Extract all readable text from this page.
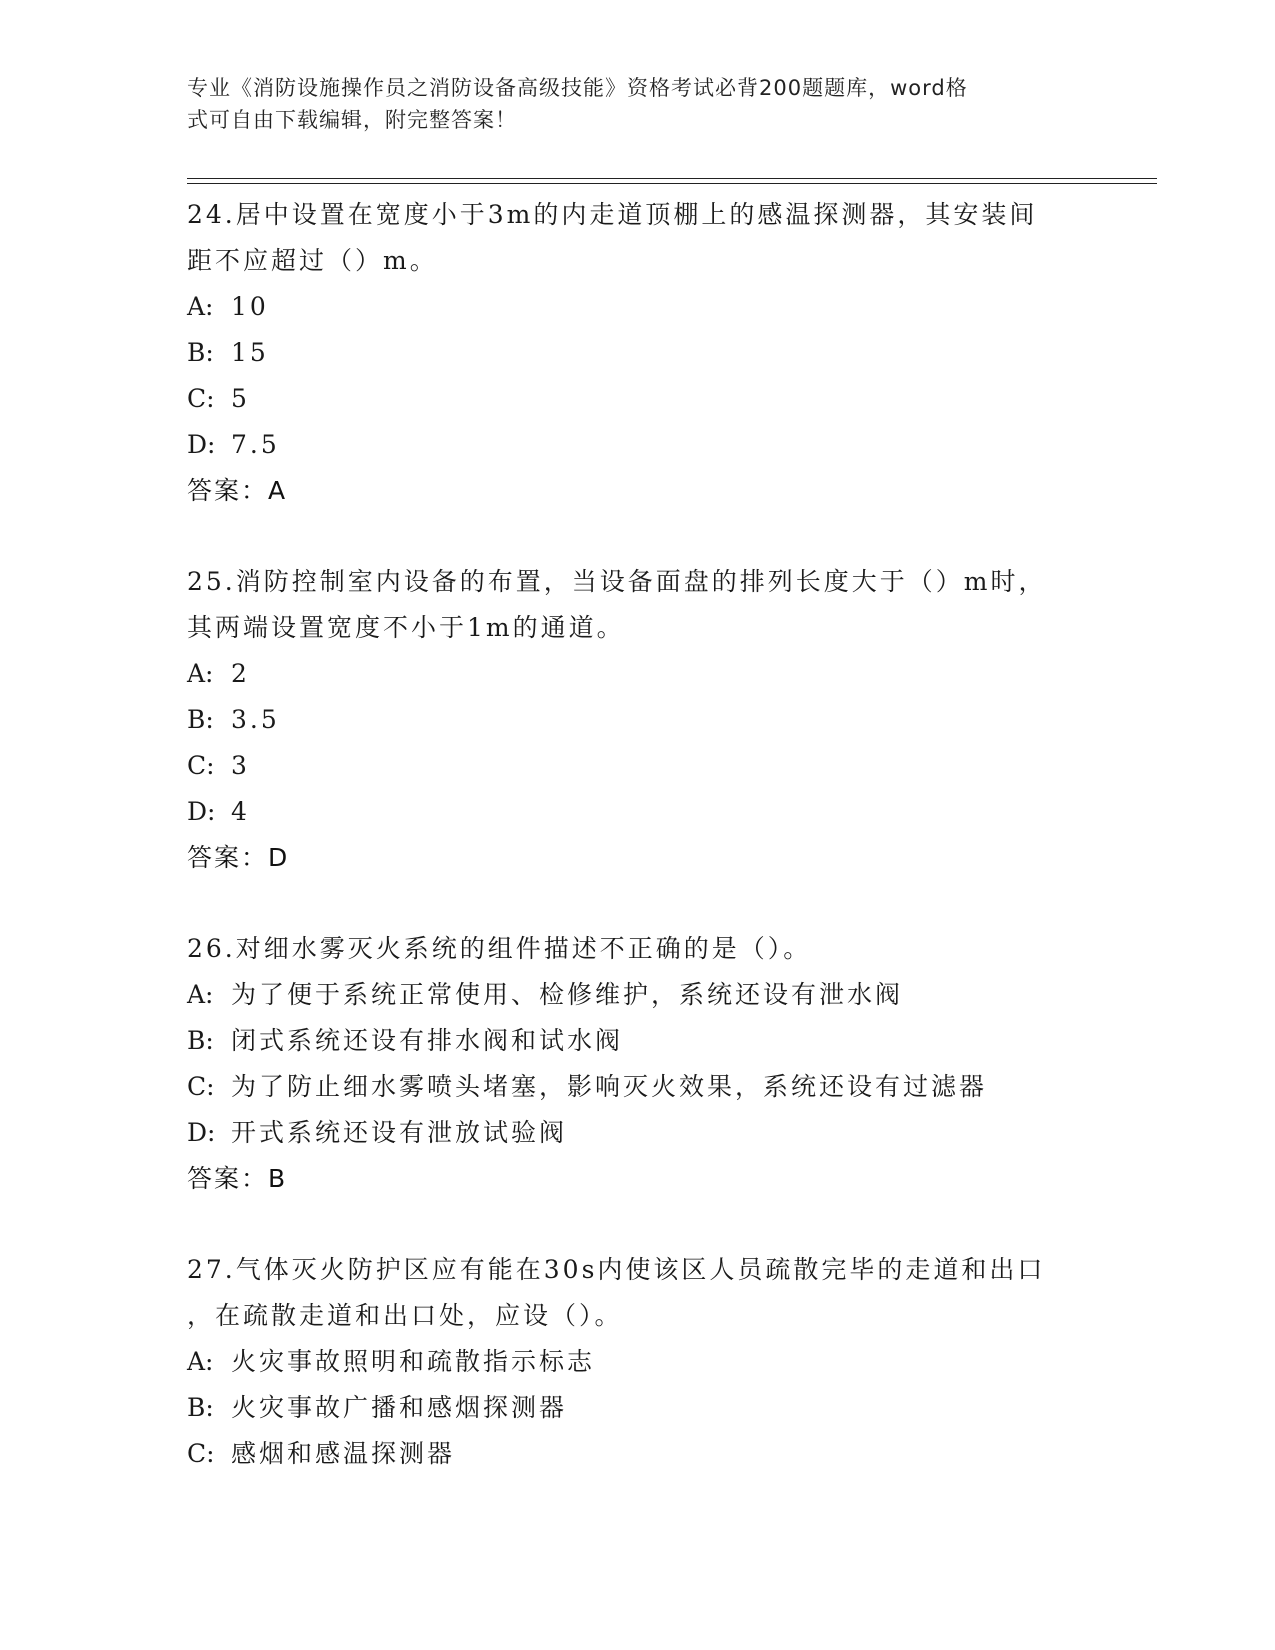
专业《消防设施操作员之消防设备高级技能》资格考试必背200题题库，word格
式可自由下载编辑，附完整答案！

24.居中设置在宽度小于3m的内走道顶棚上的感温探测器，其安装间

距不应超过（）m。

A: 10

B: 15

C: 5

D: 7.5

答案：A

25.消防控制室内设备的布置，当设备面盘的排列长度大于（）m时，

其两端设置宽度不小于1m的通道。

A: 2

B: 3.5

C: 3

D: 4

答案：D

26.对细水雾灭火系统的组件描述不正确的是（）。

A: 为了便于系统正常使用、检修维护，系统还设有泄水阀

B: 闭式系统还设有排水阀和试水阀

C: 为了防止细水雾喷头堵塞，影响灭火效果，系统还设有过滤器

D: 开式系统还设有泄放试验阀

答案：B

27.气体灭火防护区应有能在30s内使该区人员疏散完毕的走道和出口

，在疏散走道和出口处，应设（）。

A: 火灾事故照明和疏散指示标志

B: 火灾事故广播和感烟探测器

C: 感烟和感温探测器
